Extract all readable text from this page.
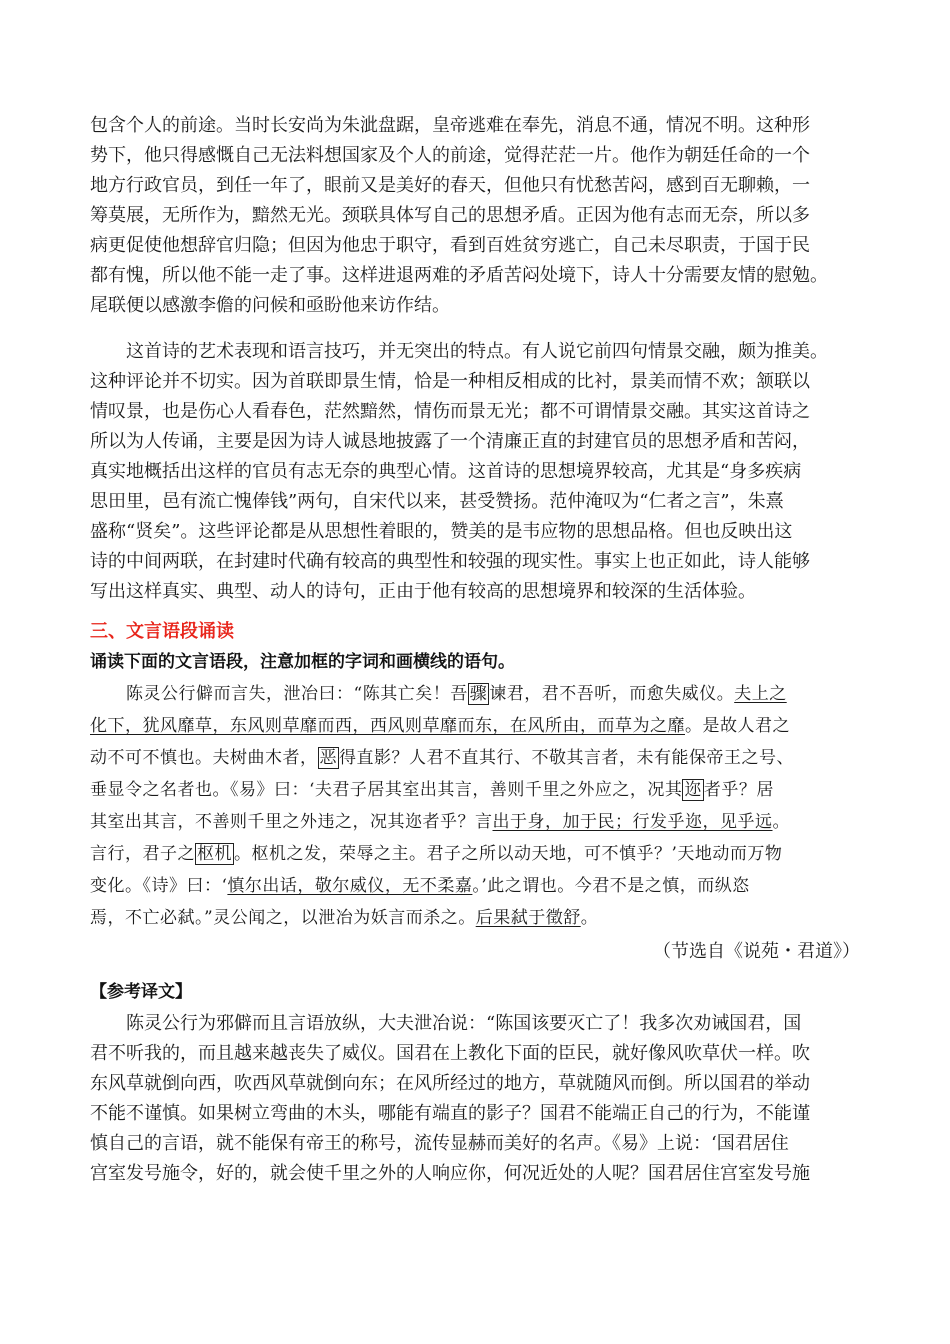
包含个人的前途。当时长安尚为朱泚盘踞，皇帝逃难在奉先，消息不通，情况不明。这种形
势下，他只得感慨自己无法料想国家及个人的前途，觉得茫茫一片。他作为朝廷任命的一个
地方行政官员，到任一年了，眼前又是美好的春天，但他只有忧愁苦闷，感到百无聊赖，一
筹莫展，无所作为，黯然无光。颈联具体写自己的思想矛盾。正因为他有志而无奈，所以多
病更促使他想辞官归隐；但因为他忠于职守，看到百姓贫穷逃亡，自己未尽职责，于国于民
都有愧，所以他不能一走了事。这样进退两难的矛盾苦闷处境下，诗人十分需要友情的慰勉。
尾联便以感激李儋的问候和亟盼他来访作结。
这首诗的艺术表现和语言技巧，并无突出的特点。有人说它前四句情景交融，颇为推美。
这种评论并不切实。因为首联即景生情，恰是一种相反相成的比衬，景美而情不欢；颔联以
情叹景，也是伤心人看春色，茫然黯然，情伤而景无光；都不可谓情景交融。其实这首诗之
所以为人传诵，主要是因为诗人诚恳地披露了一个清廉正直的封建官员的思想矛盾和苦闷，
真实地概括出这样的官员有志无奈的典型心情。这首诗的思想境界较高，尤其是“身多疾病
思田里，邑有流亡愧俸钱”两句，自宋代以来，甚受赞扬。范仲淹叹为“仁者之言”，朱熹
盛称“贤矣”。这些评论都是从思想性着眼的，赞美的是韦应物的思想品格。但也反映出这
诗的中间两联，在封建时代确有较高的典型性和较强的现实性。事实上也正如此，诗人能够
写出这样真实、典型、动人的诗句，正由于他有较高的思想境界和较深的生活体验。
三、文言语段诵读
诵读下面的文言语段，注意加框的字词和画横线的语句。
陈灵公行僻而言失，泄冶曰：“陈其亡矣！吾 骤 谏君，君不吾听，而愈失威仪。夫上之
化下，犹风靡草，东风则草靡而西，西风则草靡而东，在风所由，而草为之靡。是故人君之
动不可不慎也。夫树曲木者， 恶 得直影？人君不直其行、不敬其言者，未有能保帝王之号、
垂显令之名者也。《易》曰：‘夫君子居其室出其言，善则千里之外应之，况其 迩 者乎？居
其室出其言，不善则千里之外违之，况其迩者乎？言出于身，加于民；行发乎迩，见乎远。
言行，君子之 枢机 。枢机之发，荣辱之主。君子之所以动天地，可不慎乎？’天地动而万物
变化。《诗》曰：‘慎尔出话，敬尔威仪，无不柔嘉。’此之谓也。今君不是之慎，而纵恣
焉，不亡必弑。”灵公闻之，以泄冶为妖言而杀之。后果弑于徵舒。
（节选自《说苑・君道》）
【参考译文】
陈灵公行为邪僻而且言语放纵，大夫泄冶说：“陈国该要灭亡了！我多次劝诫国君，国
君不听我的，而且越来越丧失了威仪。国君在上教化下面的臣民，就好像风吹草伏一样。吹
东风草就倒向西，吹西风草就倒向东；在风所经过的地方，草就随风而倒。所以国君的举动
不能不谨慎。如果树立弯曲的木头，哪能有端直的影子？国君不能端正自己的行为，不能谨
慎自己的言语，就不能保有帝王的称号，流传显赫而美好的名声。《易》上说：‘国君居住
宫室发号施令，好的，就会使千里之外的人响应你，何况近处的人呢？国君居住宫室发号施
